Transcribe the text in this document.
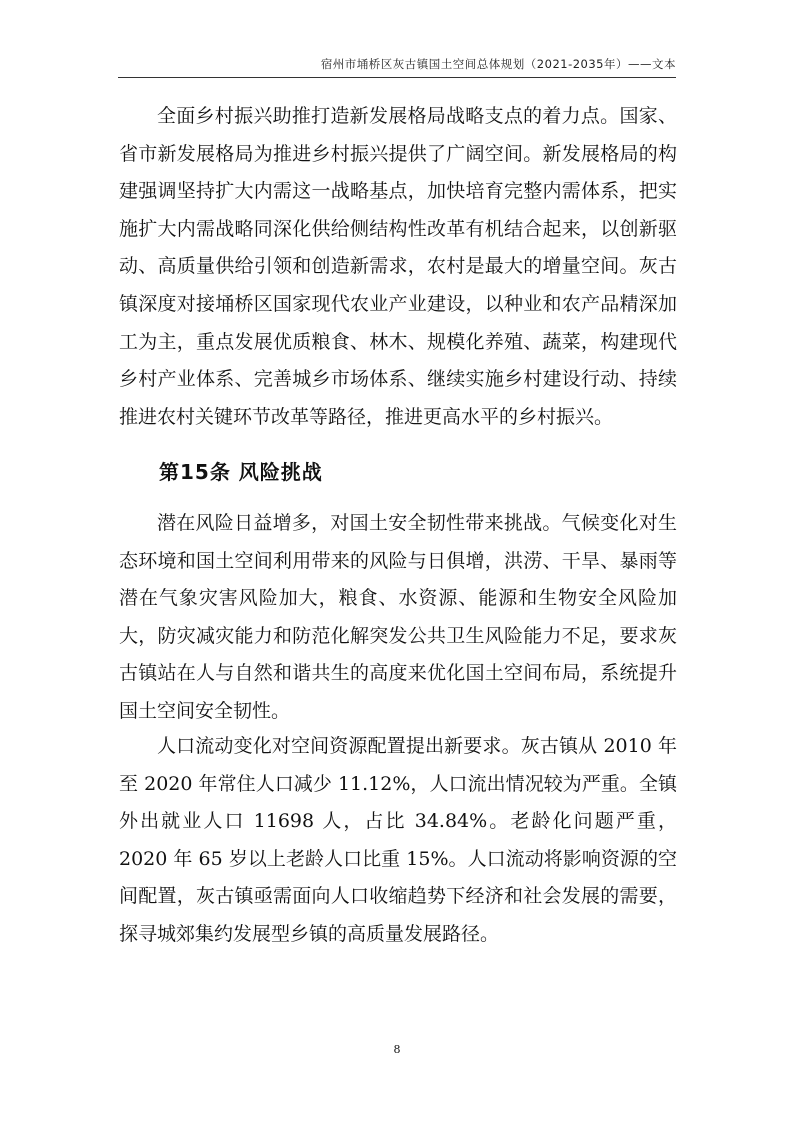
宿州市埇桥区灰古镇国土空间总体规划（2021-2035年）——文本

全面乡村振兴助推打造新发展格局战略支点的着力点。国家、省市新发展格局为推进乡村振兴提供了广阔空间。新发展格局的构建强调坚持扩大内需这一战略基点，加快培育完整内需体系，把实施扩大内需战略同深化供给侧结构性改革有机结合起来，以创新驱动、高质量供给引领和创造新需求，农村是最大的增量空间。灰古镇深度对接埇桥区国家现代农业产业建设，以种业和农产品精深加工为主，重点发展优质粮食、林木、规模化养殖、蔬菜，构建现代乡村产业体系、完善城乡市场体系、继续实施乡村建设行动、持续推进农村关键环节改革等路径，推进更高水平的乡村振兴。

第15条 风险挑战

潜在风险日益增多，对国土安全韧性带来挑战。气候变化对生态环境和国土空间利用带来的风险与日俱增，洪涝、干旱、暴雨等潜在气象灾害风险加大，粮食、水资源、能源和生物安全风险加大，防灾减灾能力和防范化解突发公共卫生风险能力不足，要求灰古镇站在人与自然和谐共生的高度来优化国土空间布局，系统提升国土空间安全韧性。

人口流动变化对空间资源配置提出新要求。灰古镇从 2010 年至 2020 年常住人口减少 11.12%，人口流出情况较为严重。全镇外出就业人口 11698 人，占比 34.84%。老龄化问题严重，2020 年 65 岁以上老龄人口比重 15%。人口流动将影响资源的空间配置，灰古镇亟需面向人口收缩趋势下经济和社会发展的需要，探寻城郊集约发展型乡镇的高质量发展路径。

8
